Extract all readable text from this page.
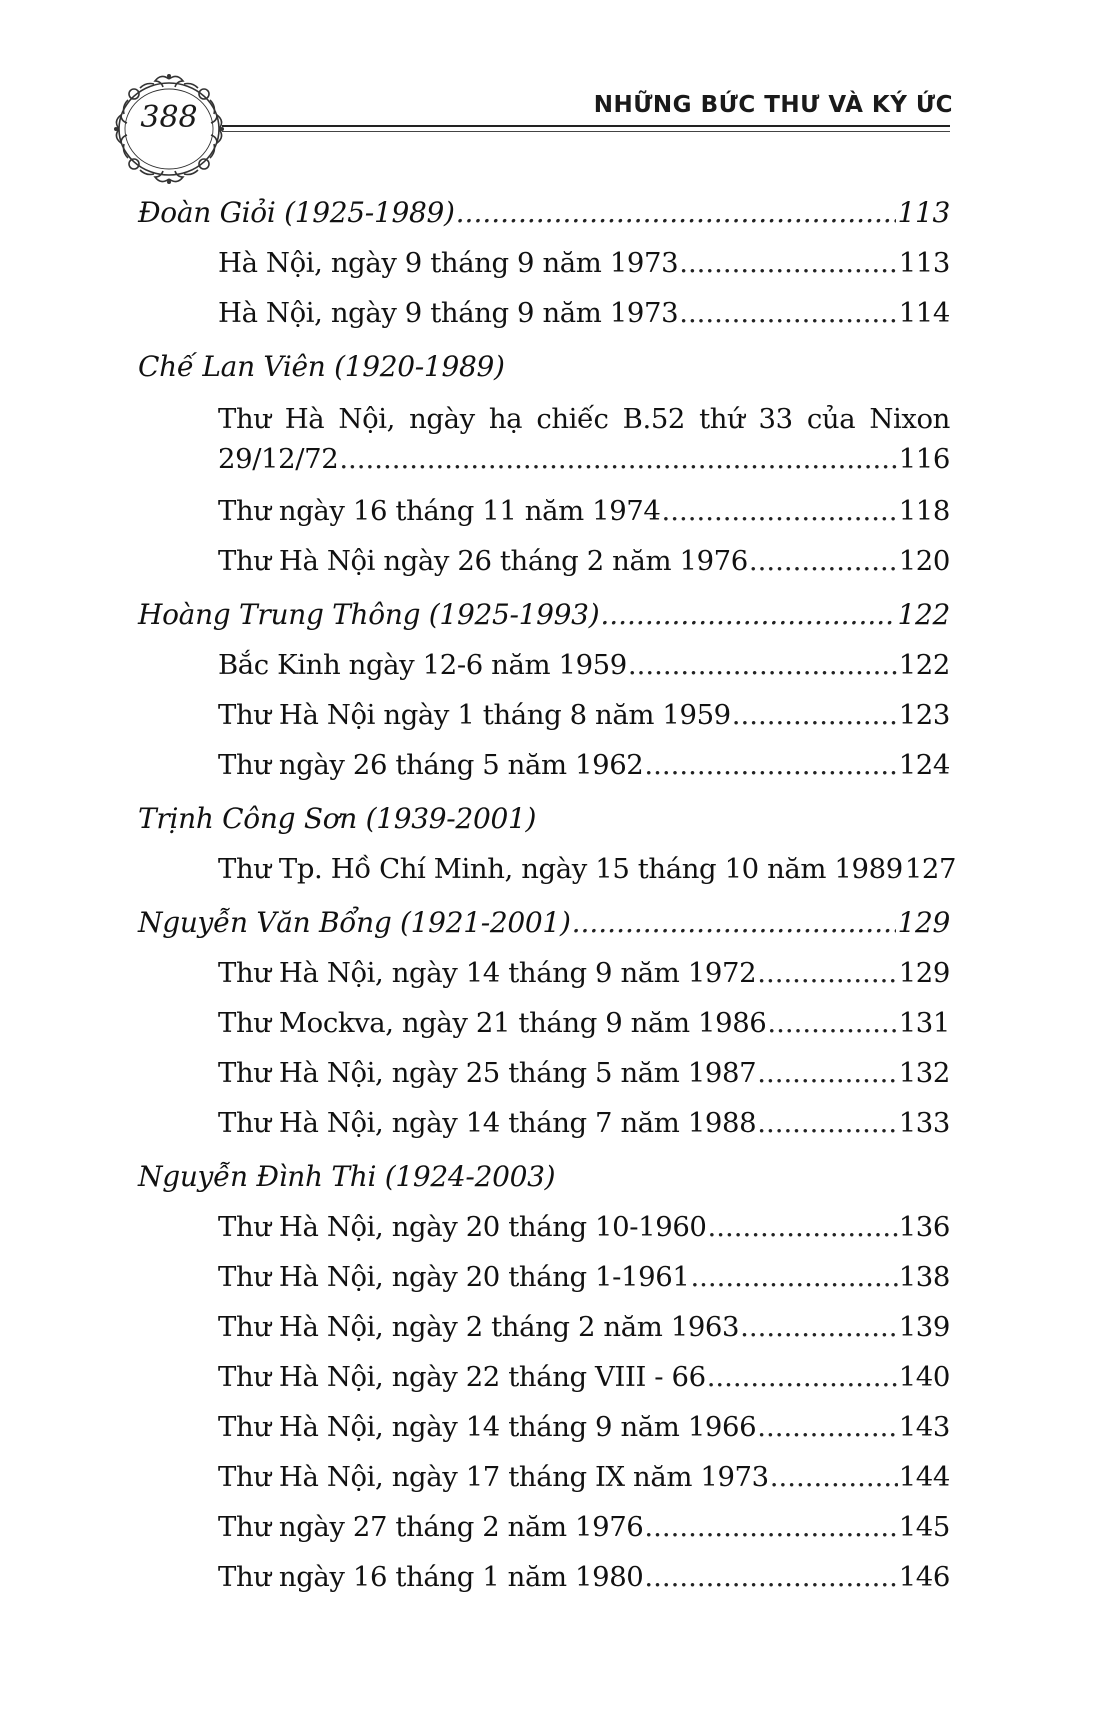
388	NHỮNG BỨC THƯ VÀ KÝ ỨC
Đoàn Giỏi (1925-1989) .....	113
Hà Nội, ngày 9 tháng 9 năm 1973 .....	113
Hà Nội, ngày 9 tháng 9 năm 1973 .....	114
Chế Lan Viên (1920-1989)
Thư Hà Nội, ngày hạ chiếc B.52 thứ 33 của Nixon
29/12/72 .....	116
Thư ngày 16 tháng 11 năm 1974 .....	118
Thư Hà Nội ngày 26 tháng 2 năm 1976 .....	120
Hoàng Trung Thông (1925-1993) .....	122
Bắc Kinh ngày 12-6 năm 1959 .....	122
Thư Hà Nội ngày 1 tháng 8 năm 1959 .....	123
Thư ngày 26 tháng 5 năm 1962 .....	124
Trịnh Công Sơn (1939-2001)
Thư Tp. Hồ Chí Minh, ngày 15 tháng 10 năm 1989 127
Nguyễn Văn Bổng (1921-2001) .....	129
Thư Hà Nội, ngày 14 tháng 9 năm 1972 .....	129
Thư Mockva, ngày 21 tháng 9 năm 1986 .....	131
Thư Hà Nội, ngày 25 tháng 5 năm 1987 .....	132
Thư Hà Nội, ngày 14 tháng 7 năm 1988 .....	133
Nguyễn Đình Thi (1924-2003)
Thư Hà Nội, ngày 20 tháng 10-1960 .....	136
Thư Hà Nội, ngày 20 tháng 1-1961 .....	138
Thư Hà Nội, ngày 2 tháng 2 năm 1963 .....	139
Thư Hà Nội, ngày 22 tháng VIII - 66 .....	140
Thư Hà Nội, ngày 14 tháng 9 năm 1966 .....	143
Thư Hà Nội, ngày 17 tháng IX năm 1973 .....	144
Thư ngày 27 tháng 2 năm 1976 .....	145
Thư ngày 16 tháng 1 năm 1980 .....	146
